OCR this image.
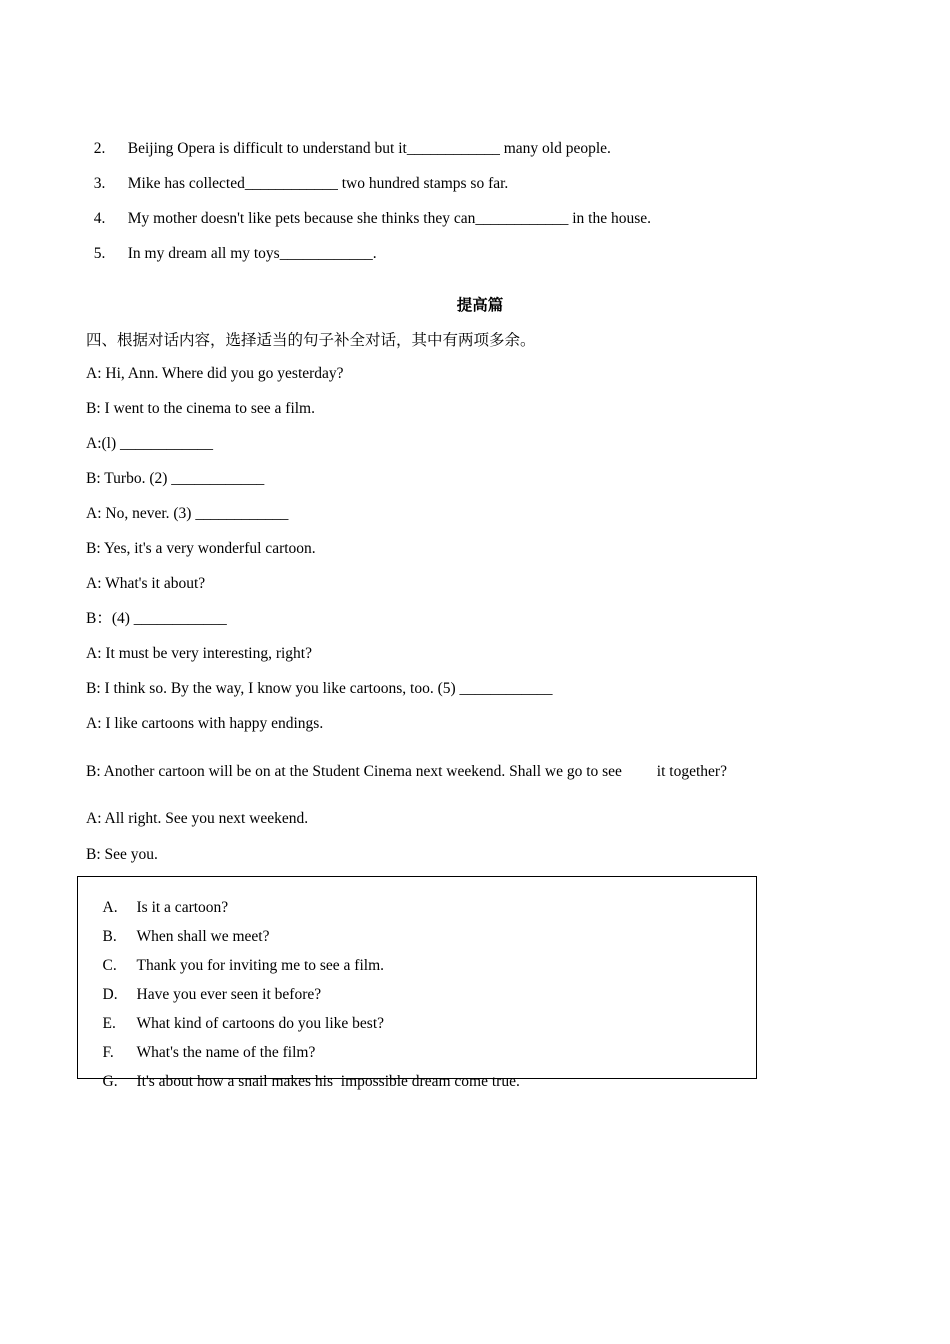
2. Beijing Opera is difficult to understand but it____________ many old people.

3. Mike has collected____________ two hundred stamps so far.

4. My mother doesn't like pets because she thinks they can____________ in the house.

5. In my dream all my toys____________.

提高篇
四、根据对话内容，选择适当的句子补全对话，其中有两项多余。
A: Hi, Ann. Where did you go yesterday?
B: I went to the cinema to see a film.
A:(l) ____________
B: Turbo. (2) ____________
A: No, never. (3) ____________
B: Yes, it's a very wonderful cartoon.
A: What's it about?
B：(4) ____________
A: It must be very interesting, right?
B: I think so. By the way, I know you like cartoons, too. (5) ____________
A: I like cartoons with happy endings.
B: Another cartoon will be on at the Student Cinema next weekend. Shall we go to see         it together?
A: All right. See you next weekend.
B: See you.

A. Is it a cartoon?

B. When shall we meet?

C. Thank you for inviting me to see a film.

D. Have you ever seen it before?

E. What kind of cartoons do you like best?

F. What's the name of the film?

G. It's about how a snail makes his  impossible dream come true.
